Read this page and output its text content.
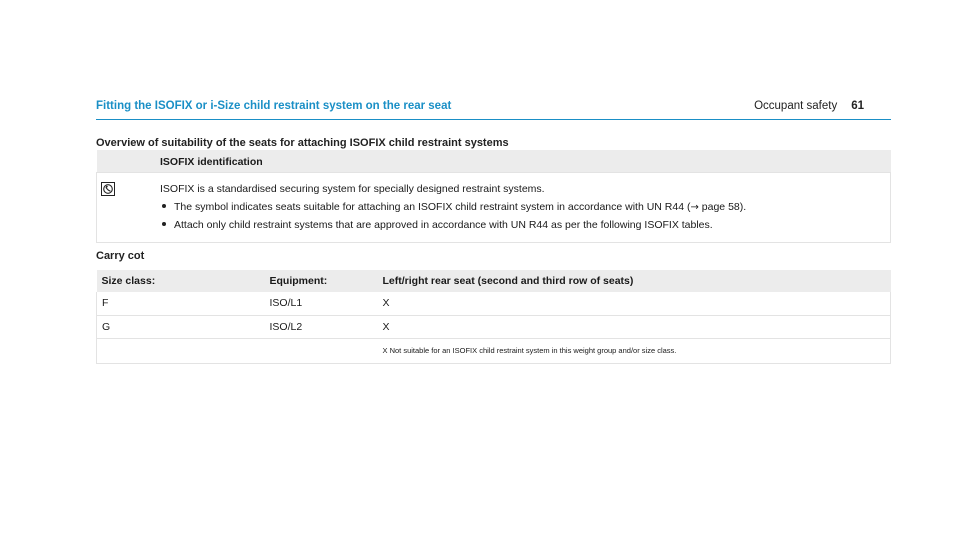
Occupant safety 61
Fitting the ISOFIX or i-Size child restraint system on the rear seat
Overview of suitability of the seats for attaching ISOFIX child restraint systems
	ISOFIX identification

ISOFIX is a standardised securing system for specially designed restraint systems.
The symbol indicates seats suitable for attaching an ISOFIX child restraint system in accordance with UN R44 (→ page 58).
Attach only child restraint systems that are approved in accordance with UN R44 as per the following ISOFIX tables.
Carry cot
Size class:	Equipment:	Left/right rear seat (second and third row of seats)
F	ISO/L1	X
G	ISO/L2	X
		X Not suitable for an ISOFIX child restraint system in this weight group and/or size class.
